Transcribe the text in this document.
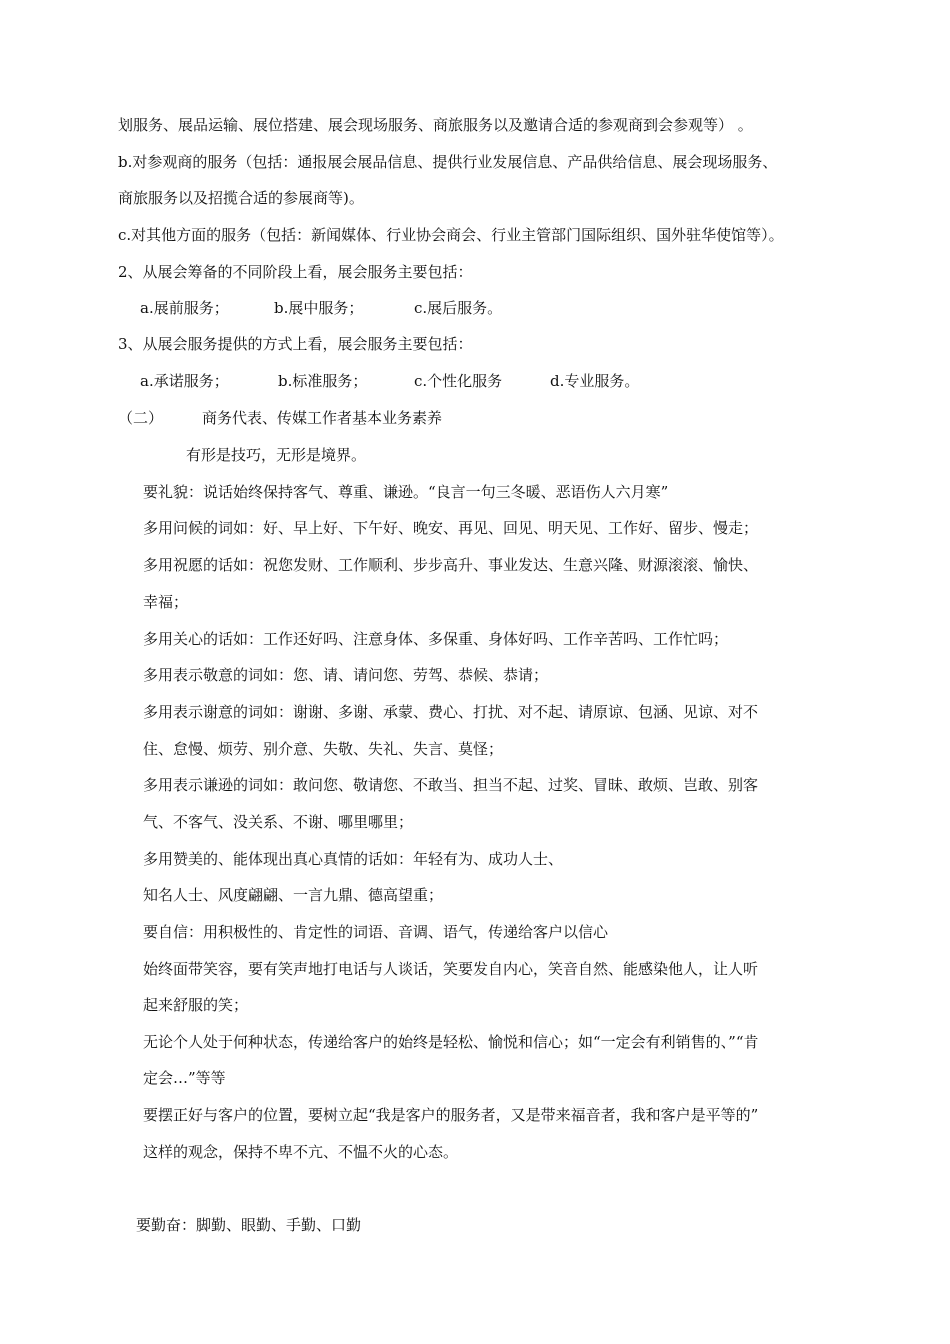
划服务、展品运输、展位搭建、展会现场服务、商旅服务以及邀请合适的参观商到会参观等） 。
b.对参观商的服务（包括：通报展会展品信息、提供行业发展信息、产品供给信息、展会现场服务、
商旅服务以及招揽合适的参展商等)。
c.对其他方面的服务（包括：新闻媒体、行业协会商会、行业主管部门国际组织、国外驻华使馆等）。
2、从展会筹备的不同阶段上看，展会服务主要包括：
a.展前服务；	b.展中服务；	c.展后服务。
3、从展会服务提供的方式上看，展会服务主要包括：
a.承诺服务；	b.标准服务；	c.个性化服务	d.专业服务。
（二）	商务代表、传媒工作者基本业务素养
有形是技巧，无形是境界。
要礼貌：说话始终保持客气、尊重、谦逊。“良言一句三冬暖、恶语伤人六月寒”
多用问候的词如：好、早上好、下午好、晚安、再见、回见、明天见、工作好、留步、慢走；
多用祝愿的话如：祝您发财、工作顺利、步步高升、事业发达、生意兴隆、财源滚滚、愉快、
幸福；
多用关心的话如：工作还好吗、注意身体、多保重、身体好吗、工作辛苦吗、工作忙吗；
多用表示敬意的词如：您、请、请问您、劳驾、恭候、恭请；
多用表示谢意的词如：谢谢、多谢、承蒙、费心、打扰、对不起、请原谅、包涵、见谅、对不
住、怠慢、烦劳、别介意、失敬、失礼、失言、莫怪；
多用表示谦逊的词如：敢问您、敬请您、不敢当、担当不起、过奖、冒昧、敢烦、岂敢、别客
气、不客气、没关系、不谢、哪里哪里；
多用赞美的、能体现出真心真情的话如：年轻有为、成功人士、
知名人士、风度翩翩、一言九鼎、德高望重；
要自信：用积极性的、肯定性的词语、音调、语气，传递给客户以信心
始终面带笑容，要有笑声地打电话与人谈话，笑要发自内心，笑音自然、能感染他人，让人听
起来舒服的笑；
无论个人处于何种状态，传递给客户的始终是轻松、愉悦和信心；如“一定会有利销售的、”“肯
定会…”等等
要摆正好与客户的位置，要树立起“我是客户的服务者，又是带来福音者，我和客户是平等的”
这样的观念，保持不卑不亢、不愠不火的心态。
要勤奋：脚勤、眼勤、手勤、口勤
